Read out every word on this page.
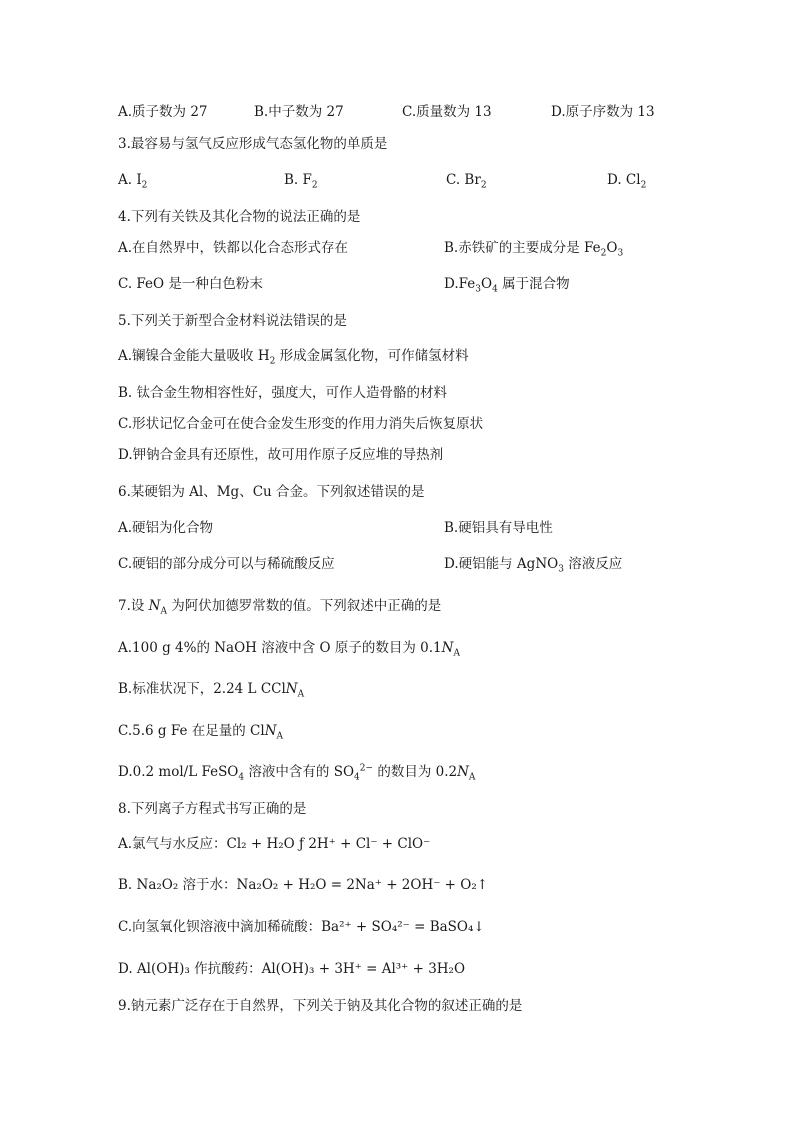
A.质子数为 27	B.中子数为 27	C.质量数为 13	D.原子序数为 13
3.最容易与氢气反应形成气态氢化物的单质是
A. $I_2$	B. $F_2$	C. $Br_2$	D. $Cl_2$
4.下列有关铁及其化合物的说法正确的是
A.在自然界中，铁都以化合态形式存在	B.赤铁矿的主要成分是 $Fe_2O_3$
C. FeO 是一种白色粉末	$D.Fe_3O_4$ 属于混合物
5.下列关于新型合金材料说法错误的是
A.镧镍合金能大量吸收 $H_2$ 形成金属氢化物，可作储氢材料
B. 钛合金生物相容性好，强度大，可作人造骨骼的材料
C.形状记忆合金可在使合金发生形变的作用力消失后恢复原状
D.钾钠合金具有还原性，故可用作原子反应堆的导热剂
6.某硬铝为 Al、Mg、Cu 合金。下列叙述错误的是
A.硬铝为化合物	B.硬铝具有导电性
C.硬铝的部分成分可以与稀硫酸反应	D.硬铝能与 AgNO$_3$ 溶液反应
7.设 $N_A$ 为阿伏加德罗常数的值。下列叙述中正确的是
A.100 g 4%的 NaOH 溶液中含 O 原子的数目为 $0.1N_A$
B.标准状况下，2.24 L CClN$_A$
C.5.6 g Fe 在足量的 ClN$_A$
D.0.2 mol/L FeSO$_4$ 溶液中含有的 $SO_4^{2-}$ 的数目为 $0.2N_A$
8.下列离子方程式书写正确的是
A.氯气与水反应：Cl₂ + H₂O ƒ 2H⁺ + Cl⁻ + ClO⁻
B. Na₂O₂ 溶于水：Na₂O₂ + H₂O = 2Na⁺ + 2OH⁻ + O₂↑
C.向氢氧化钡溶液中滴加稀硫酸：Ba²⁺ + SO₄²⁻ = BaSO₄↓
D. Al(OH)₃ 作抗酸药：Al(OH)₃ + 3H⁺ = Al³⁺ + 3H₂O
9.钠元素广泛存在于自然界，下列关于钠及其化合物的叙述正确的是
